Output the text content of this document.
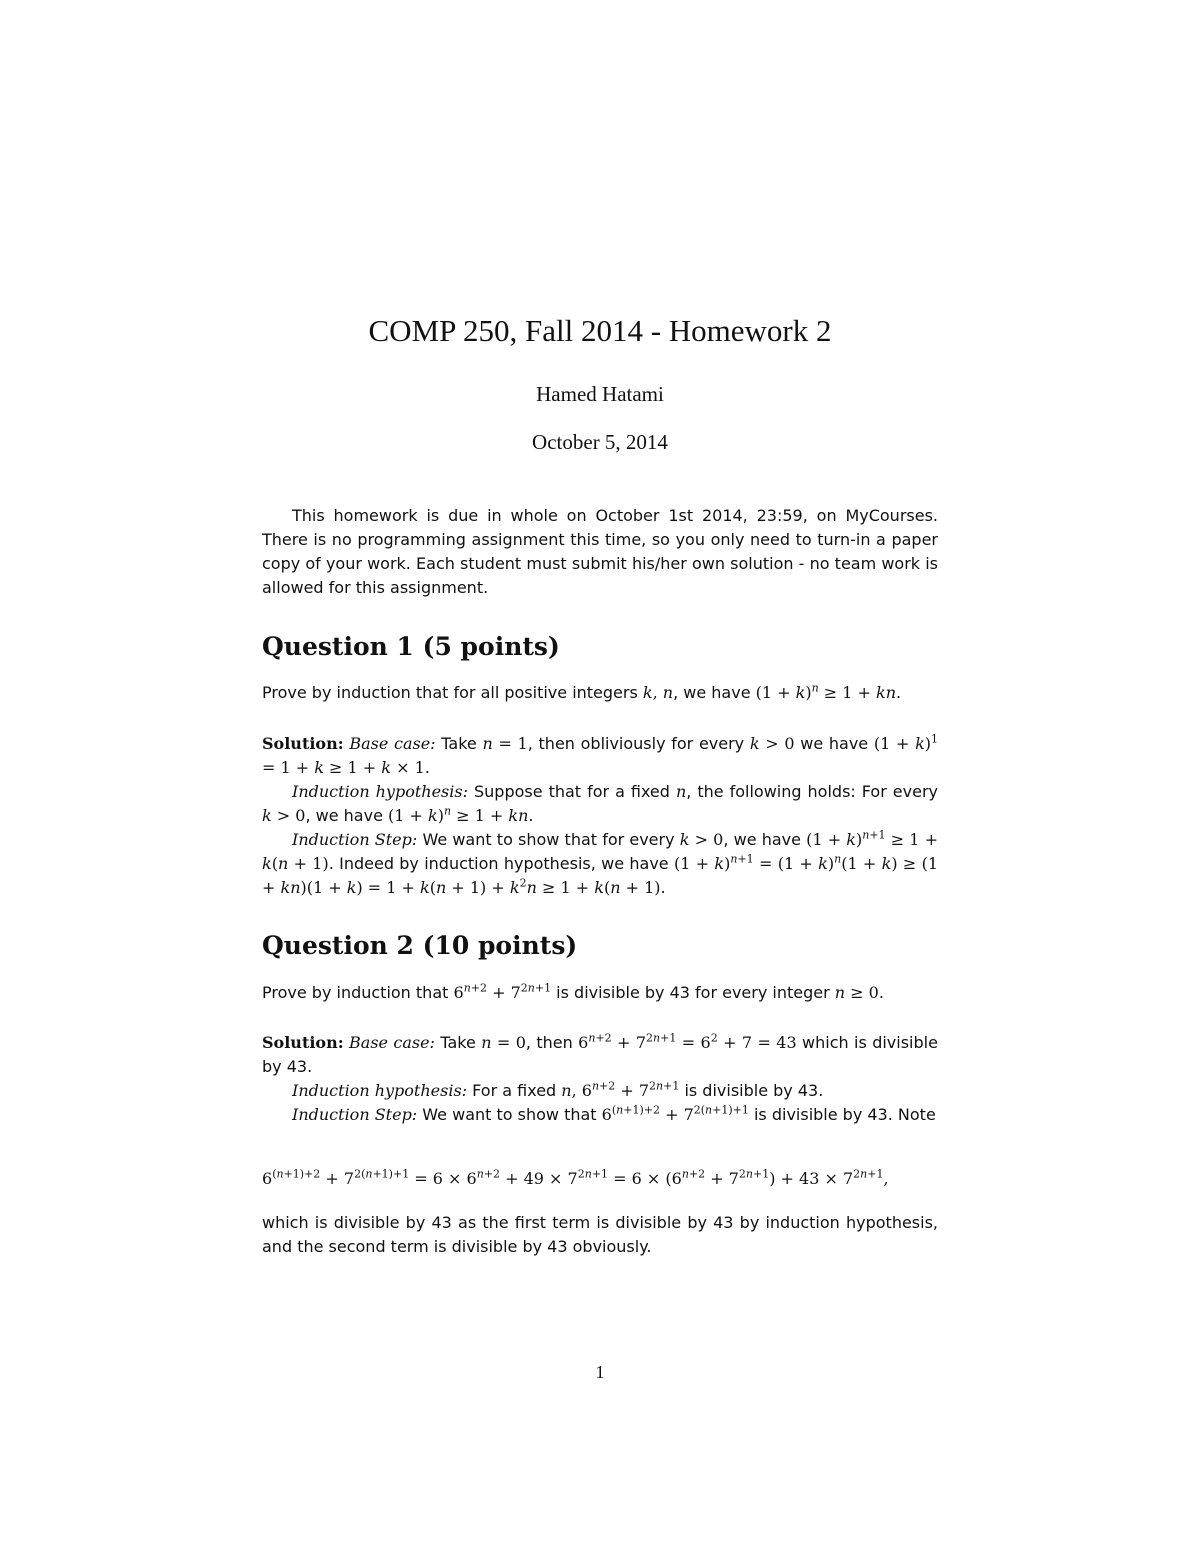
COMP 250, Fall 2014 - Homework 2

Hamed Hatami

October 5, 2014

This homework is due in whole on October 1st 2014, 23:59, on MyCourses. There is no programming assignment this time, so you only need to turn-in a paper copy of your work. Each student must submit his/her own solution - no team work is allowed for this assignment.

Question 1 (5 points)

Prove by induction that for all positive integers k, n, we have $(1 + k)^n \ge 1$ + kn.

Solution: Base case: Take n = 1, then obliviously for every k > 0 we have $(1 + k)^1 = 1 + k \ge 1 + k \times 1$.

Induction hypothesis: Suppose that for a fixed n, the following holds: For every k > 0, we have $(1 + k)^n \ge 1$ + kn.

Induction Step: We want to show that for every k > 0, we have $(1 + k)^{n+1} \ge 1 + k(n + 1)$. Indeed by induction hypothesis, we have $(1 + k)^{n+1} = (1 + k)^n(1 + k) \ge (1 + kn)(1 + k) = 1 + k(n + 1) + k^2n \ge 1 + k(n + 1)$.

Question 2 (10 points)

Prove by induction that $6^{n+2} + 7^{2n+1}$ is divisible by 43 for every integer n ≥ 0.

Solution: Base case: Take n = 0, then $6^{n+2} + 7^{2n+1} = 6^2 + 7 = 43$ which is divisible by 43.

Induction hypothesis: For a fixed n, $6^{n+2} + 7^{2n+1}$ is divisible by 43.

Induction Step: We want to show that $6^{(n+1)+2} + 7^{2(n+1)+1}$ is divisible by 43. Note

$6^{(n+1)+2} + 7^{2(n+1)+1} = 6 \times 6^{n+2} + 49 \times 7^{2n+1} = 6 \times (6^{n+2} + 7^{2n+1}) + 43 \times 7^{2n+1}$,

which is divisible by 43 as the first term is divisible by 43 by induction hypothesis, and the second term is divisible by 43 obviously.

1
